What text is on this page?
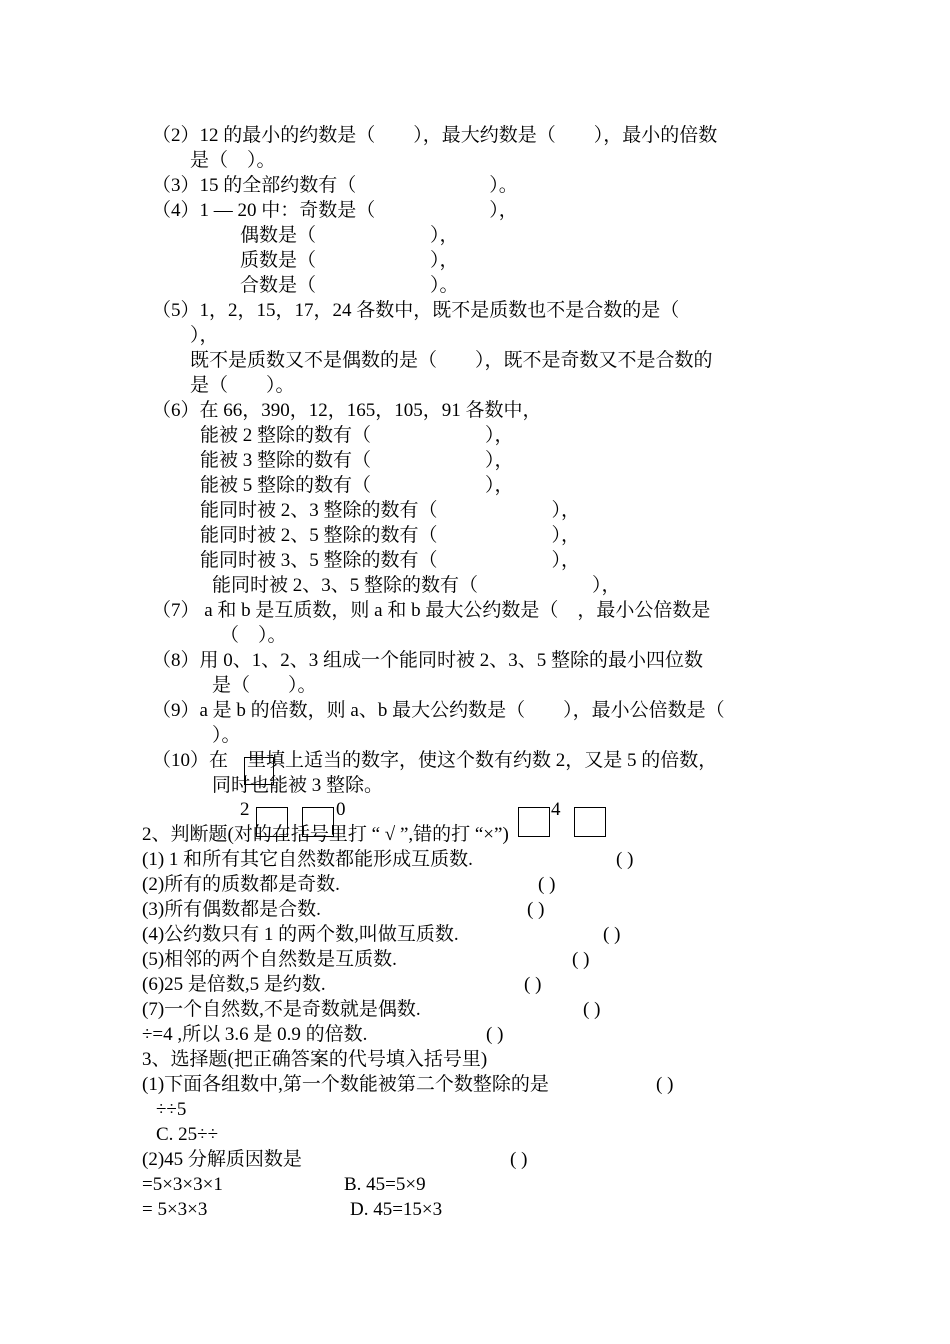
（2）12 的最小的约数是（　　），最大约数是（　　），最小的倍数
是（　）。
（3）15 的全部约数有（　　　　　　　）。
（4）1 — 20 中：奇数是（　　　　　　），
偶数是（　　　　　　），
质数是（　　　　　　），
合数是（　　　　　　）。
（5）1，2，15，17，24 各数中，既不是质数也不是合数的是（
），
既不是质数又不是偶数的是（　　），既不是奇数又不是合数的
是（　　）。
（6）在 66，390，12，165，105，91 各数中，
能被 2 整除的数有（　　　　　　），
能被 3 整除的数有（　　　　　　），
能被 5 整除的数有（　　　　　　），
能同时被 2、3 整除的数有（　　　　　　），
能同时被 2、5 整除的数有（　　　　　　），
能同时被 3、5 整除的数有（　　　　　　），
能同时被 2、3、5 整除的数有（　　　　　　），
（7） a 和 b 是互质数，则 a 和 b 最大公约数是（　，最小公倍数是
（　）。
（8）用 0、1、2、3 组成一个能同时被 2、3、5 整除的最小四位数
是（　　）。
（9）a 是 b 的倍数，则 a、b 最大公约数是（　　），最小公倍数是（
）。
（10）在　里填上适当的数字，使这个数有约数 2，又是 5 的倍数，
同时也能被 3 整除。
2	0	4
2、判断题(对的在括号里打 “ √ ”,错的打 “×”)
(1) 1 和所有其它自然数都能形成互质数.	( )
(2)所有的质数都是奇数.	( )
(3)所有偶数都是合数.	( )
(4)公约数只有 1 的两个数,叫做互质数.	( )
(5)相邻的两个自然数是互质数.	( )
(6)25 是倍数,5 是约数.	( )
(7)一个自然数,不是奇数就是偶数.	( )
÷=4 ,所以 3.6 是 0.9 的倍数.	( )
3、选择题(把正确答案的代号填入括号里)
(1)下面各组数中,第一个数能被第二个数整除的是	( )
÷÷5
C. 25÷÷
(2)45 分解质因数是	( )
=5×3×3×1	B. 45=5×9
= 5×3×3	D. 45=15×3
